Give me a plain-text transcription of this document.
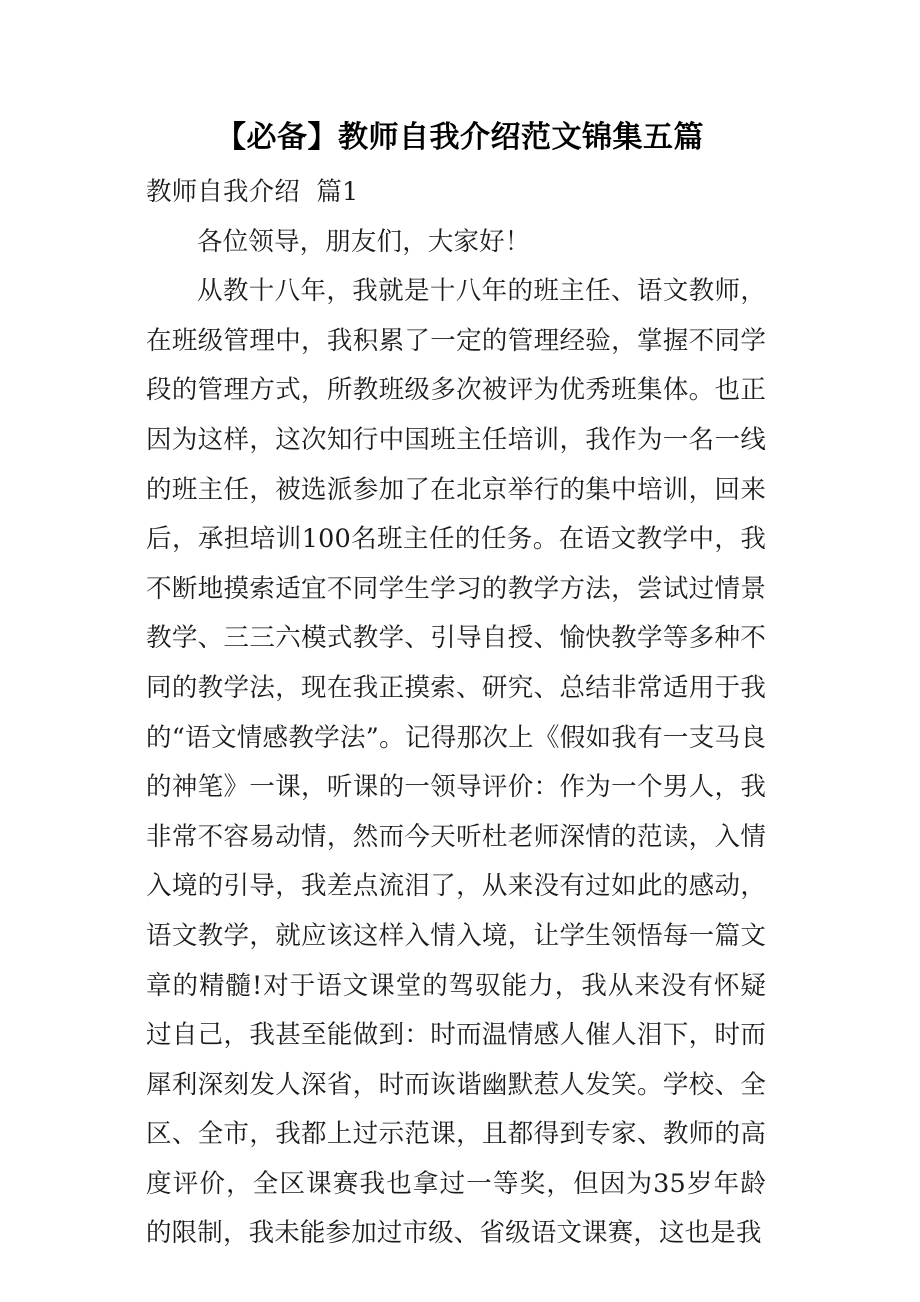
【必备】教师自我介绍范文锦集五篇

教师自我介绍  篇1

各位领导，朋友们，大家好！

从教十八年，我就是十八年的班主任、语文教师，在班级管理中，我积累了一定的管理经验，掌握不同学段的管理方式，所教班级多次被评为优秀班集体。也正因为这样，这次知行中国班主任培训，我作为一名一线的班主任，被选派参加了在北京举行的集中培训，回来后，承担培训100名班主任的任务。在语文教学中，我不断地摸索适宜不同学生学习的教学方法，尝试过情景教学、三三六模式教学、引导自授、愉快教学等多种不同的教学法，现在我正摸索、研究、总结非常适用于我的“语文情感教学法”。记得那次上《假如我有一支马良的神笔》一课，听课的一领导评价：作为一个男人，我非常不容易动情，然而今天听杜老师深情的范读，入情入境的引导，我差点流泪了，从来没有过如此的感动，语文教学，就应该这样入情入境，让学生领悟每一篇文章的精髓!对于语文课堂的驾驭能力，我从来没有怀疑过自己，我甚至能做到：时而温情感人催人泪下，时而犀利深刻发人深省，时而诙谐幽默惹人发笑。学校、全区、全市，我都上过示范课，且都得到专家、教师的高度评价，全区课赛我也拿过一等奖，但因为35岁年龄的限制，我未能参加过市级、省级语文课赛，这也是我
